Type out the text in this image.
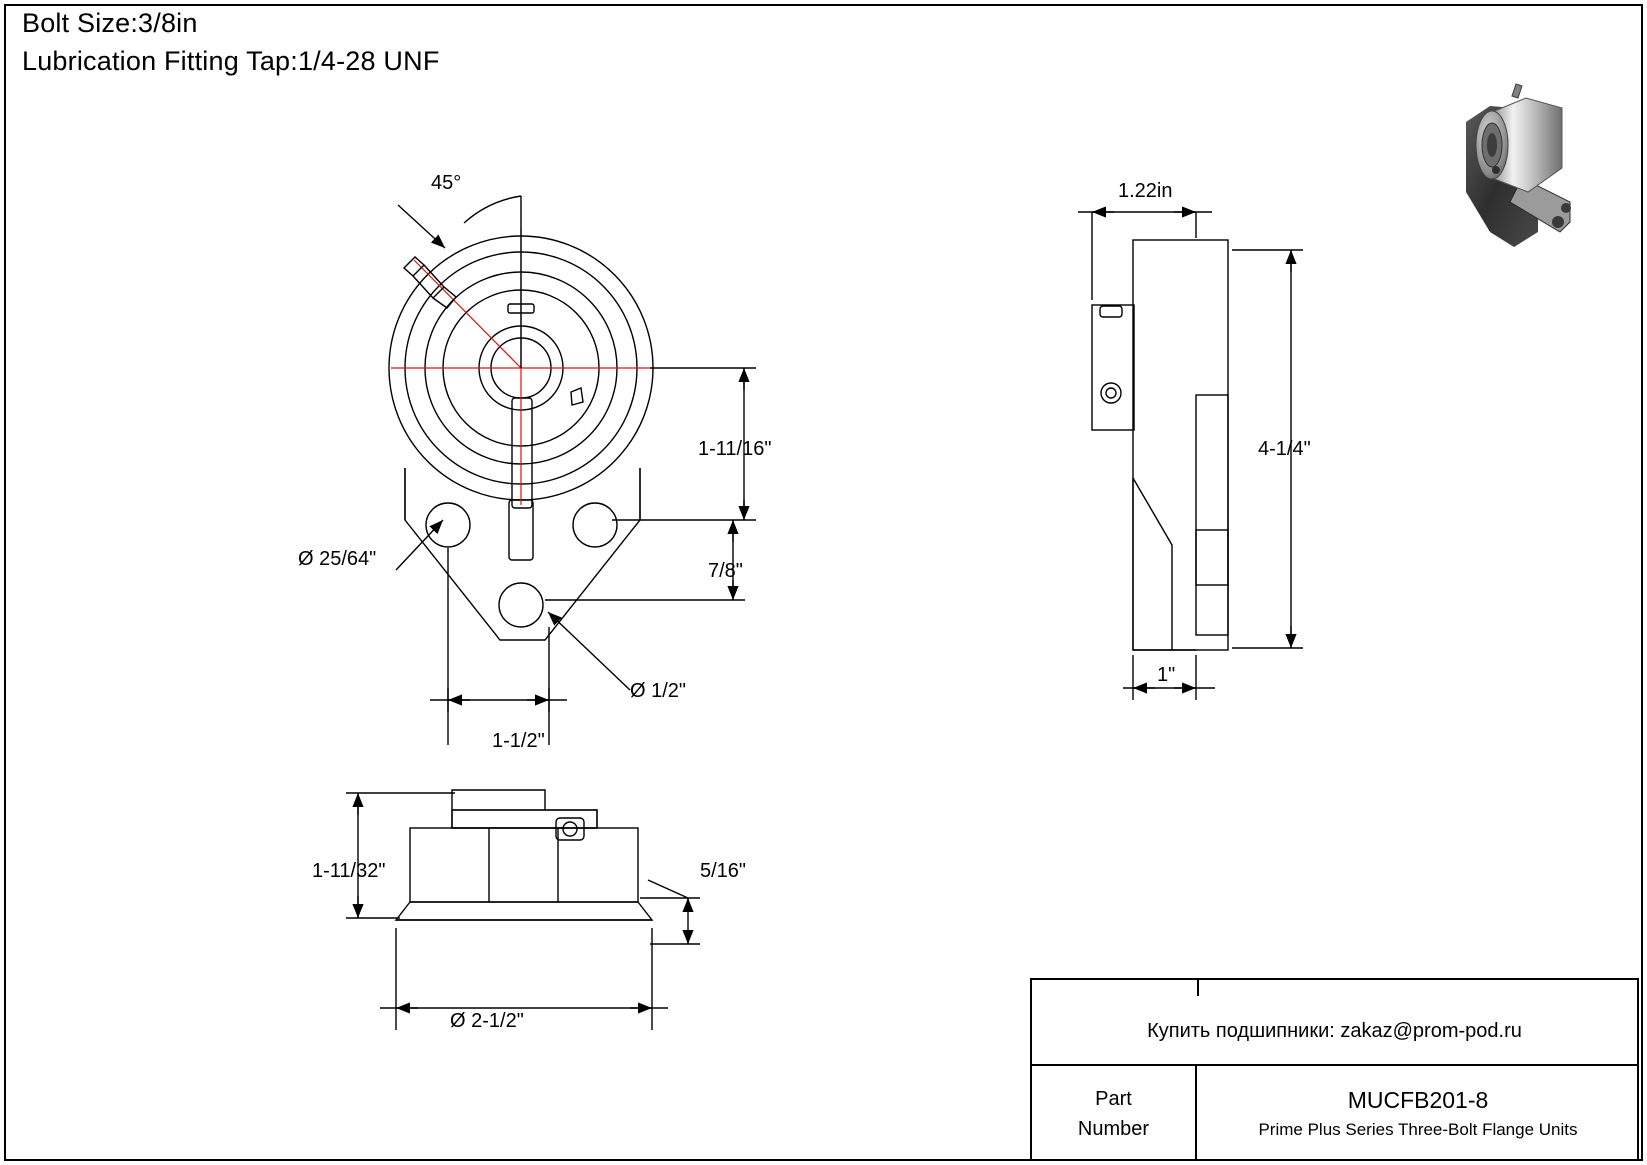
Bolt Size:3/8in
Lubrication Fitting Tap:1/4-28 UNF
45°
Ø 25/64"
1-11/16"
7/8"
Ø 1/2"
1-1/2"
1.22in
4-1/4"
1"
1-11/32"	5/16"
Ø 2-1/2"	Купить подшипники: zakaz@prom-pod.ru
Part
Number
MUCFB201-8
Prime Plus Series Three-Bolt Flange Units
